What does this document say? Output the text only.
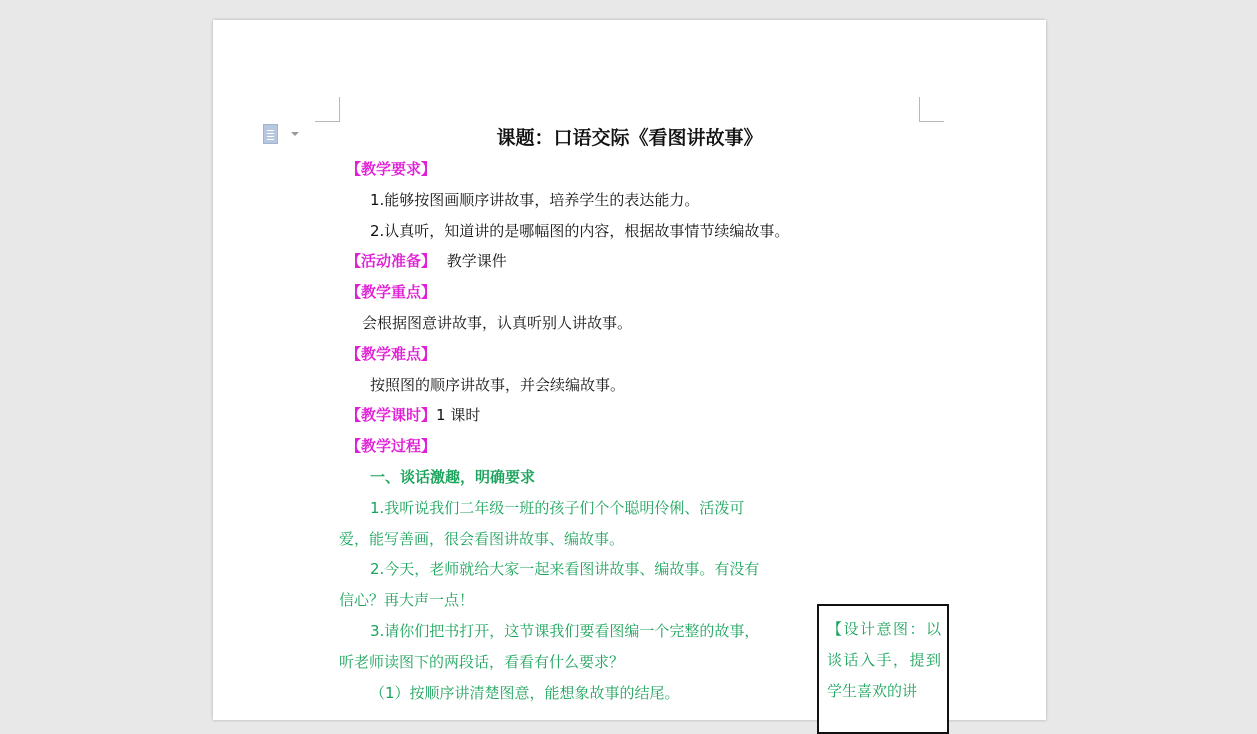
课题：口语交际《看图讲故事》
【教学要求】
1.能够按图画顺序讲故事，培养学生的表达能力。
2.认真听，知道讲的是哪幅图的内容，根据故事情节续编故事。
【活动准备】 教学课件
【教学重点】
会根据图意讲故事，认真听别人讲故事。
【教学难点】
按照图的顺序讲故事，并会续编故事。
【教学课时】1 课时
【教学过程】
一、谈话激趣，明确要求
1.我听说我们二年级一班的孩子们个个聪明伶俐、活泼可
爱，能写善画，很会看图讲故事、编故事。
2.今天，老师就给大家一起来看图讲故事、编故事。有没有
信心？再大声一点！
3.请你们把书打开，这节课我们要看图编一个完整的故事，
听老师读图下的两段话，看看有什么要求？
（1）按顺序讲清楚图意，能想象故事的结尾。
【设计意图：以谈话入手，提到学生喜欢的讲
